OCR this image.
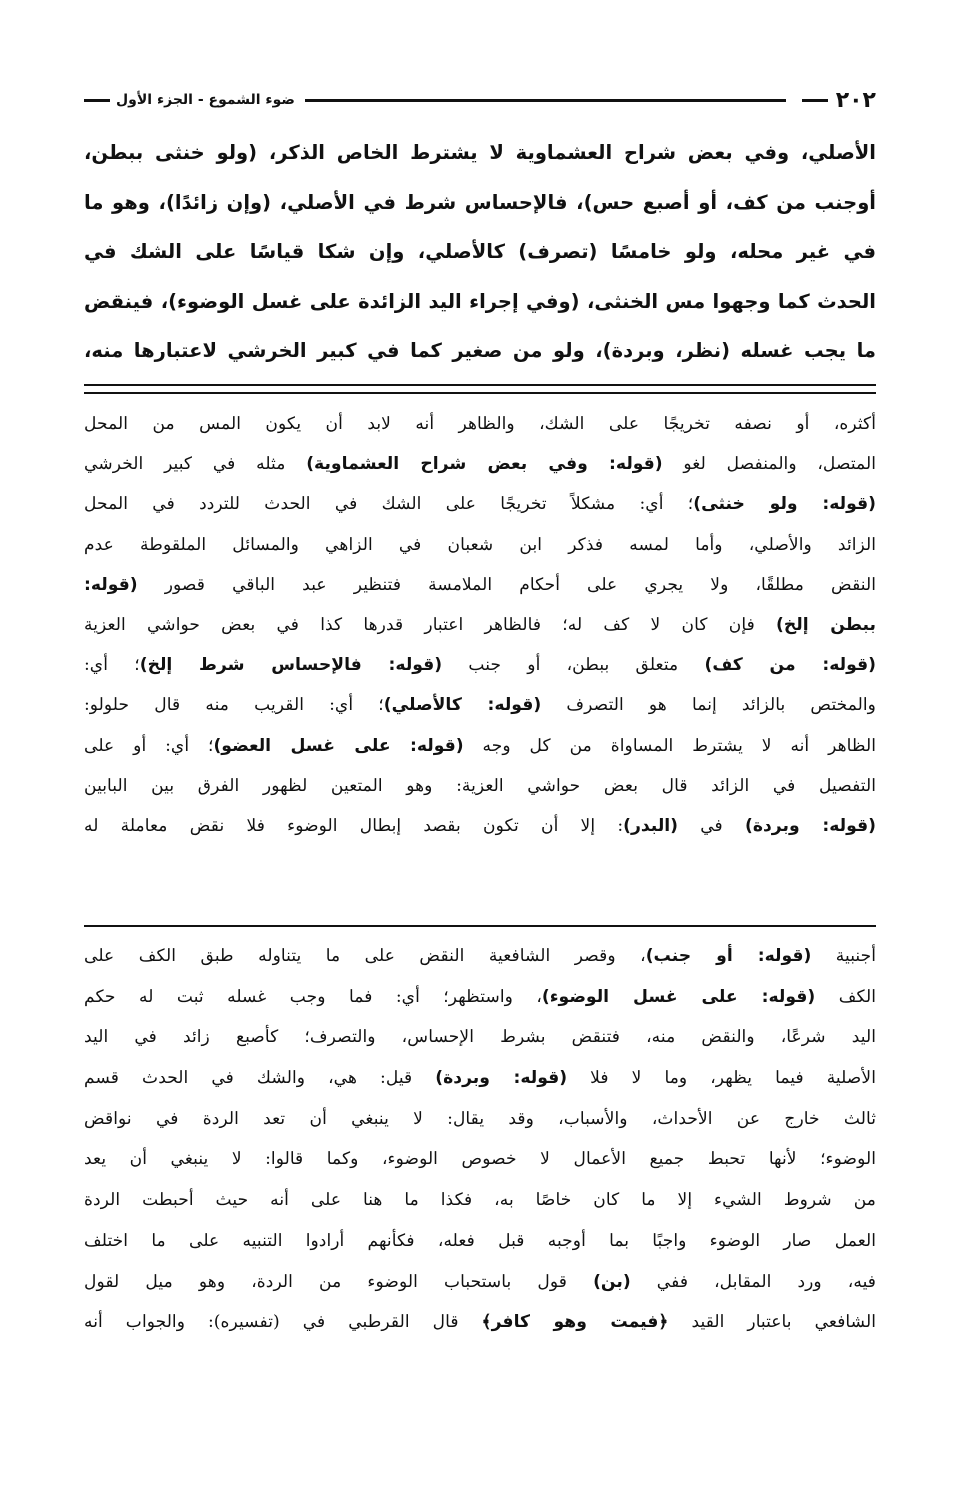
٢٠٢
ضوء الشموع - الجزء الأول
الأصلي، وفي بعض شراح العشماوية لا يشترط الخاص الذكر، (ولو خنثى ببطن،
أوجنب من كف، أو أصبع حس)، فالإحساس شرط في الأصلي، (وإن زائدًا)، وهو ما
في غير محله، ولو خامسًا (تصرف) كالأصلي، وإن شكا قياسًا على الشك في
الحدث كما وجهوا مس الخنثى، (وفي إجراء اليد الزائدة على غسل الوضوء)، فينقض
ما يجب غسله (نظر، وبردة)، ولو من صغير كما في كبير الخرشي لاعتبارها منه،
أكثره، أو نصفه تخريجًا على الشك، والظاهر أنه لابد أن يكون المس من المحل
المتصل، والمنفصل لغو (قوله: وفي بعض شراح العشماوية) مثله في كبير الخرشي
(قوله: ولو خنثى)؛ أي: مشكلاً تخريجًا على الشك في الحدث للتردد في المحل
الزائد والأصلي، وأما لمسه فذكر ابن شعبان في الزاهي والمسائل الملقوطة عدم
النقض مطلقًا، ولا يجري على أحكام الملامسة فتنظير عبد الباقي قصور (قوله:
ببطن إلخ) فإن كان لا كف له؛ فالظاهر اعتبار قدرها كذا في بعض حواشي العزية
(قوله: من كف) متعلق ببطن، أو جنب (قوله: فالإحساس شرط إلخ)؛ أي:
والمختص بالزائد إنما هو التصرف (قوله: كالأصلي)؛ أي: القريب منه قال حلولو:
الظاهر أنه لا يشترط المساواة من كل وجه (قوله: على غسل العضو)؛ أي: أو على
التفصيل في الزائد قال بعض حواشي العزية: وهو المتعين لظهور الفرق بين البابين
(قوله: وبردة) في (البدر): إلا أن تكون بقصد إبطال الوضوء فلا نقض معاملة له
أجنبية (قوله: أو جنب)، وقصر الشافعية النقض على ما يتناوله طبق الكف على
الكف (قوله: على غسل الوضوء)، واستظهر؛ أي: فما وجب غسله ثبت له حكم
اليد شرعًا، والنقض منه، فتنقض بشرط الإحساس، والتصرف؛ كأصبع زائد في اليد
الأصلية فيما يظهر، وما لا فلا (قوله: وبردة) قيل: هي، والشك في الحدث قسم
ثالث خارج عن الأحداث، والأسباب، وقد يقال: لا ينبغي أن تعد الردة في نواقض
الوضوء؛ لأنها تحبط جميع الأعمال لا خصوص الوضوء، وكما قالوا: لا ينبغي أن يعد
من شروط الشيء إلا ما كان خاصًا به، فكذا ما هنا على أنه حيث أحبطت الردة
العمل صار الوضوء واجبًا بما أوجبه قبل فعله، فكأنهم أرادوا التنبيه على ما اختلف
فيه، ورد المقابل، ففي (بن) قول باستحباب الوضوء من الردة، وهو ميل لقول
الشافعي باعتبار القيد ﴿فيمت وهو كافر﴾ قال القرطبي في (تفسيره): والجواب أنه
